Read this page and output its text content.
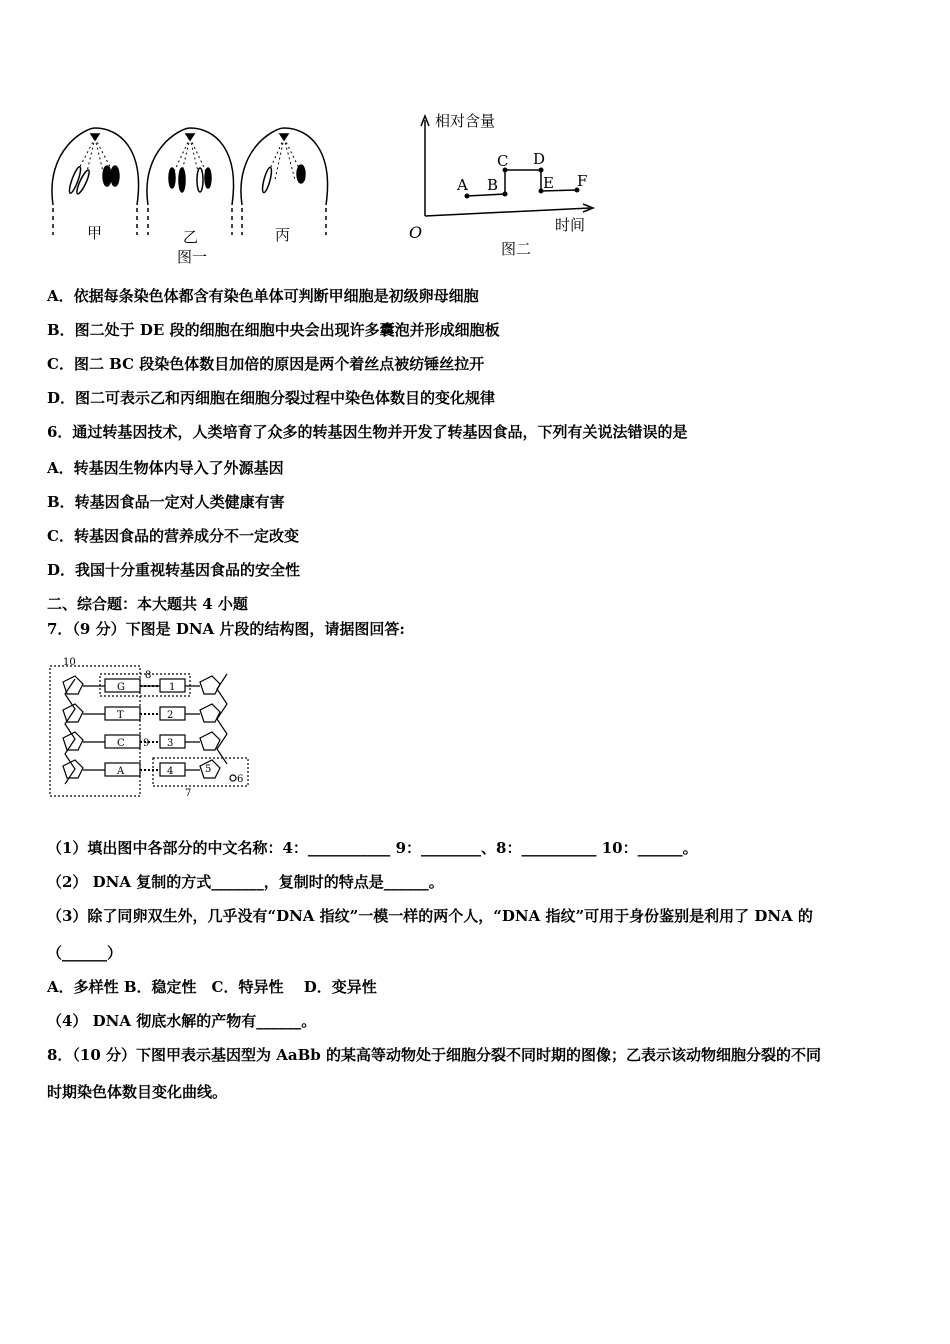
甲	乙	丙
图一
相对含量
A B
C D
E F
O	时间
图二
A．依据每条染色体都含有染色单体可判断甲细胞是初级卵母细胞
B．图二处于 DE 段的细胞在细胞中央会出现许多囊泡并形成细胞板
C．图二 BC 段染色体数目加倍的原因是两个着丝点被纺锤丝拉开
D．图二可表示乙和丙细胞在细胞分裂过程中染色体数目的变化规律
6．通过转基因技术，人类培育了众多的转基因生物并开发了转基因食品，下列有关说法错误的是
A．转基因生物体内导入了外源基因
B．转基因食品一定对人类健康有害
C．转基因食品的营养成分不一定改变
D．我国十分重视转基因食品的安全性
二、综合题：本大题共 4 小题
7．（9 分）下图是 DNA 片段的结构图，请据图回答:
10
8
9
7
6
5
4
3
2
1
G
T
C
A
（1）填出图中各部分的中文名称：4：___________ 9：________、8：__________ 10：______。
（2） DNA 复制的方式_______，复制时的特点是______。
（3）除了同卵双生外，几乎没有“DNA 指纹”一模一样的两个人，“DNA 指纹”可用于身份鉴别是利用了 DNA 的
（______）
A．多样性 B．稳定性　C．特异性　 D．变异性
（4） DNA 彻底水解的产物有______。
8．（10 分）下图甲表示基因型为 AaBb 的某高等动物处于细胞分裂不同时期的图像；乙表示该动物细胞分裂的不同
时期染色体数目变化曲线。
